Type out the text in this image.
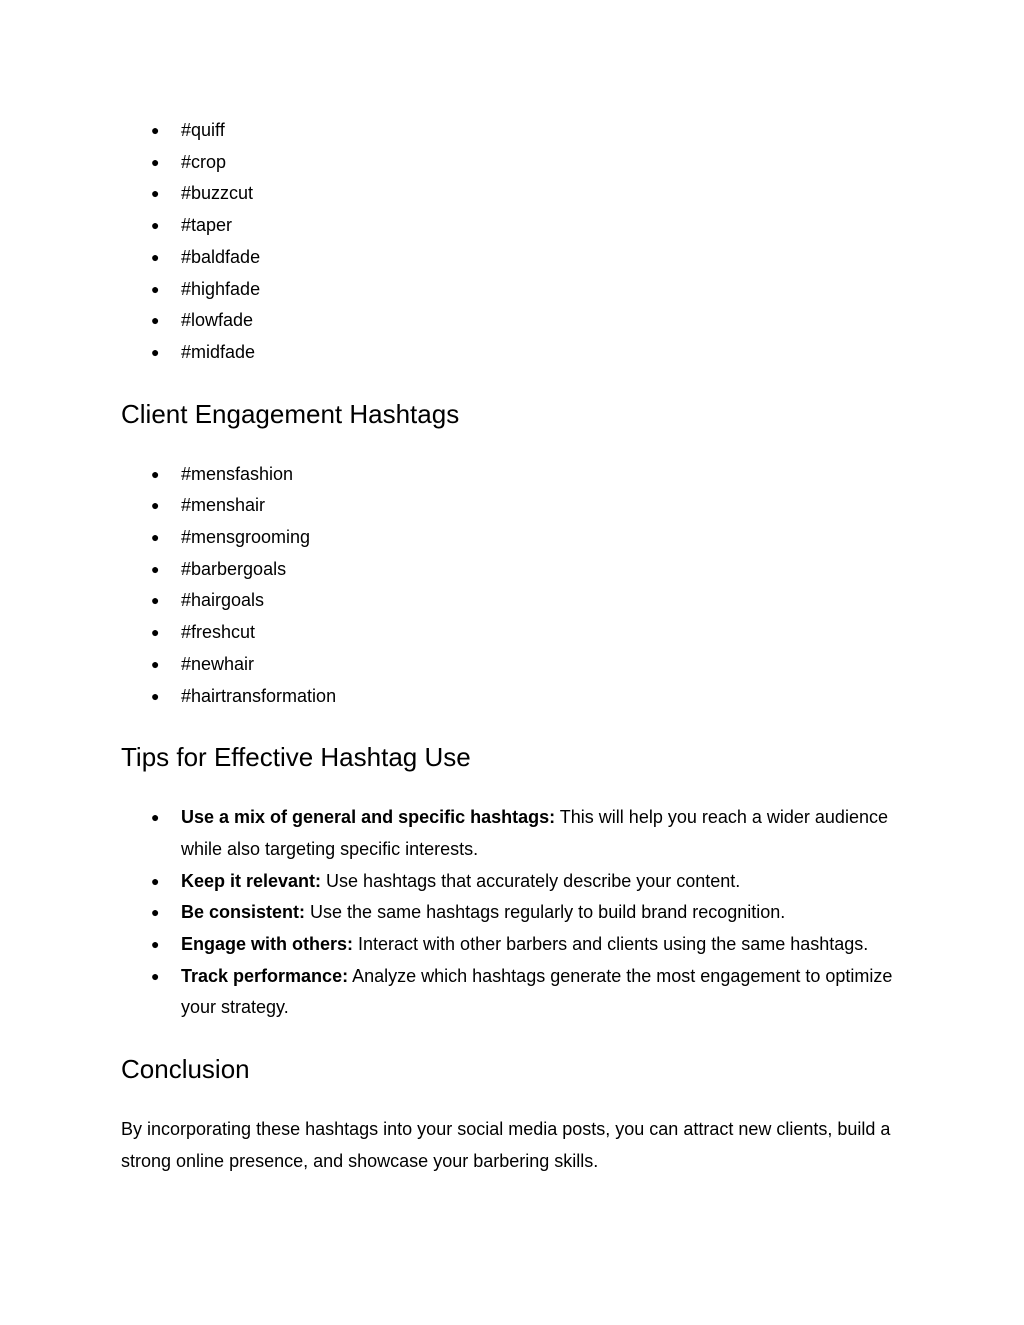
● #quiff
● #crop
● #buzzcut
● #taper
● #baldfade
● #highfade
● #lowfade
● #midfade
Client Engagement Hashtags
● #mensfashion
● #menshair
● #mensgrooming
● #barbergoals
● #hairgoals
● #freshcut
● #newhair
● #hairtransformation
Tips for Effective Hashtag Use
● Use a mix of general and specific hashtags: This will help you reach a wider audience while also targeting specific interests.
● Keep it relevant: Use hashtags that accurately describe your content.
● Be consistent: Use the same hashtags regularly to build brand recognition.
● Engage with others: Interact with other barbers and clients using the same hashtags.
● Track performance: Analyze which hashtags generate the most engagement to optimize your strategy.
Conclusion

By incorporating these hashtags into your social media posts, you can attract new clients, build a strong online presence, and showcase your barbering skills.
